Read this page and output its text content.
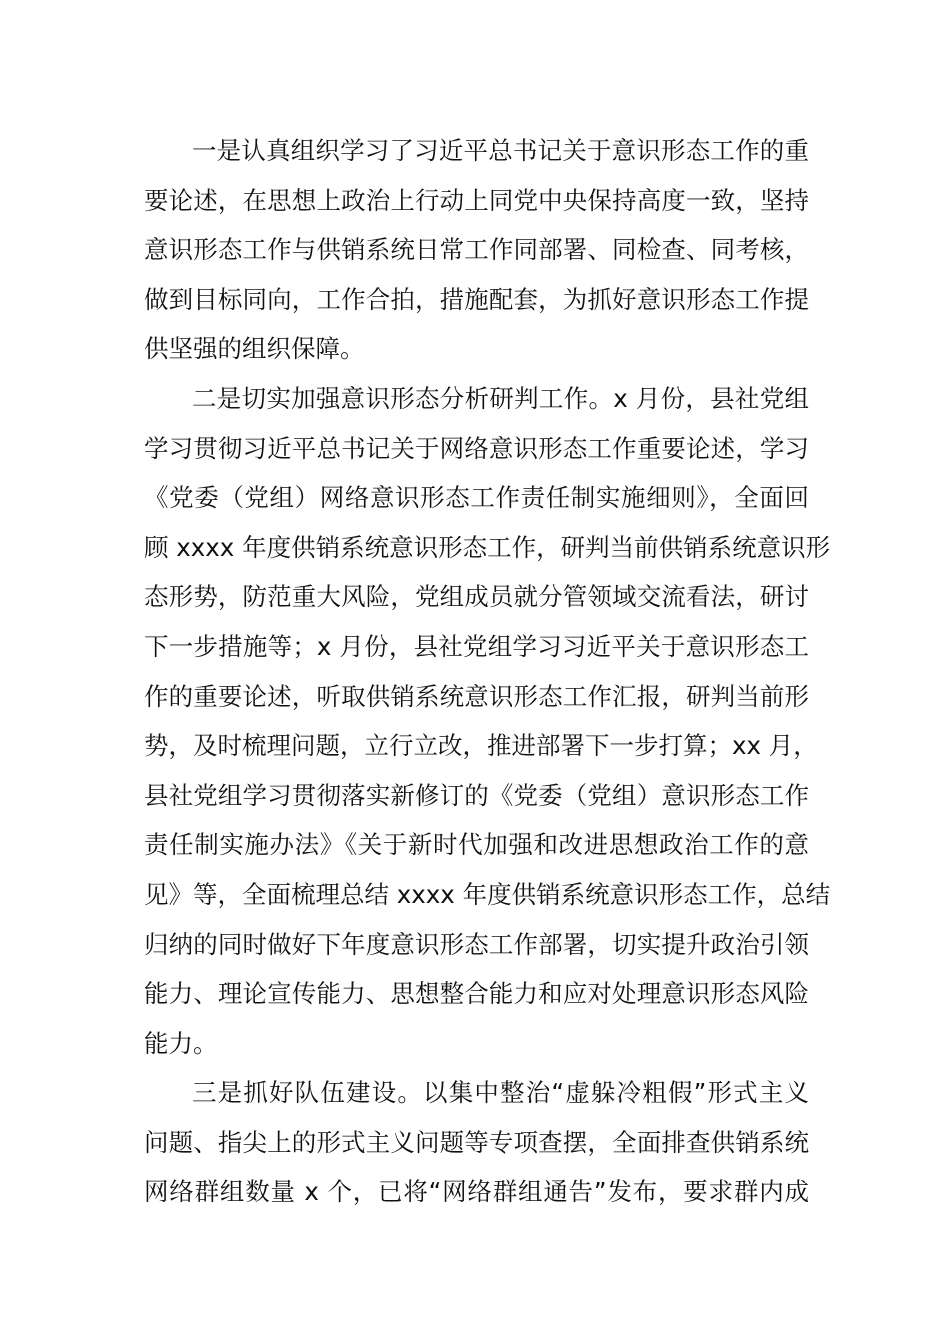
一是认真组织学习了习近平总书记关于意识形态工作的重
要论述，在思想上政治上行动上同党中央保持高度一致，坚持
意识形态工作与供销系统日常工作同部署、同检查、同考核，
做到目标同向，工作合拍，措施配套，为抓好意识形态工作提
供坚强的组织保障。
二是切实加强意识形态分析研判工作。x 月份，县社党组
学习贯彻习近平总书记关于网络意识形态工作重要论述，学习
《党委（党组）网络意识形态工作责任制实施细则》，全面回
顾 xxxx 年度供销系统意识形态工作，研判当前供销系统意识形
态形势，防范重大风险，党组成员就分管领域交流看法，研讨
下一步措施等；x 月份，县社党组学习习近平关于意识形态工
作的重要论述，听取供销系统意识形态工作汇报，研判当前形
势，及时梳理问题，立行立改，推进部署下一步打算；xx 月，
县社党组学习贯彻落实新修订的《党委（党组）意识形态工作
责任制实施办法》《关于新时代加强和改进思想政治工作的意
见》等，全面梳理总结 xxxx 年度供销系统意识形态工作，总结
归纳的同时做好下年度意识形态工作部署，切实提升政治引领
能力、理论宣传能力、思想整合能力和应对处理意识形态风险
能力。
三是抓好队伍建设。以集中整治“虚躲冷粗假”形式主义
问题、指尖上的形式主义问题等专项查摆，全面排查供销系统
网络群组数量 x 个，已将“网络群组通告”发布，要求群内成
